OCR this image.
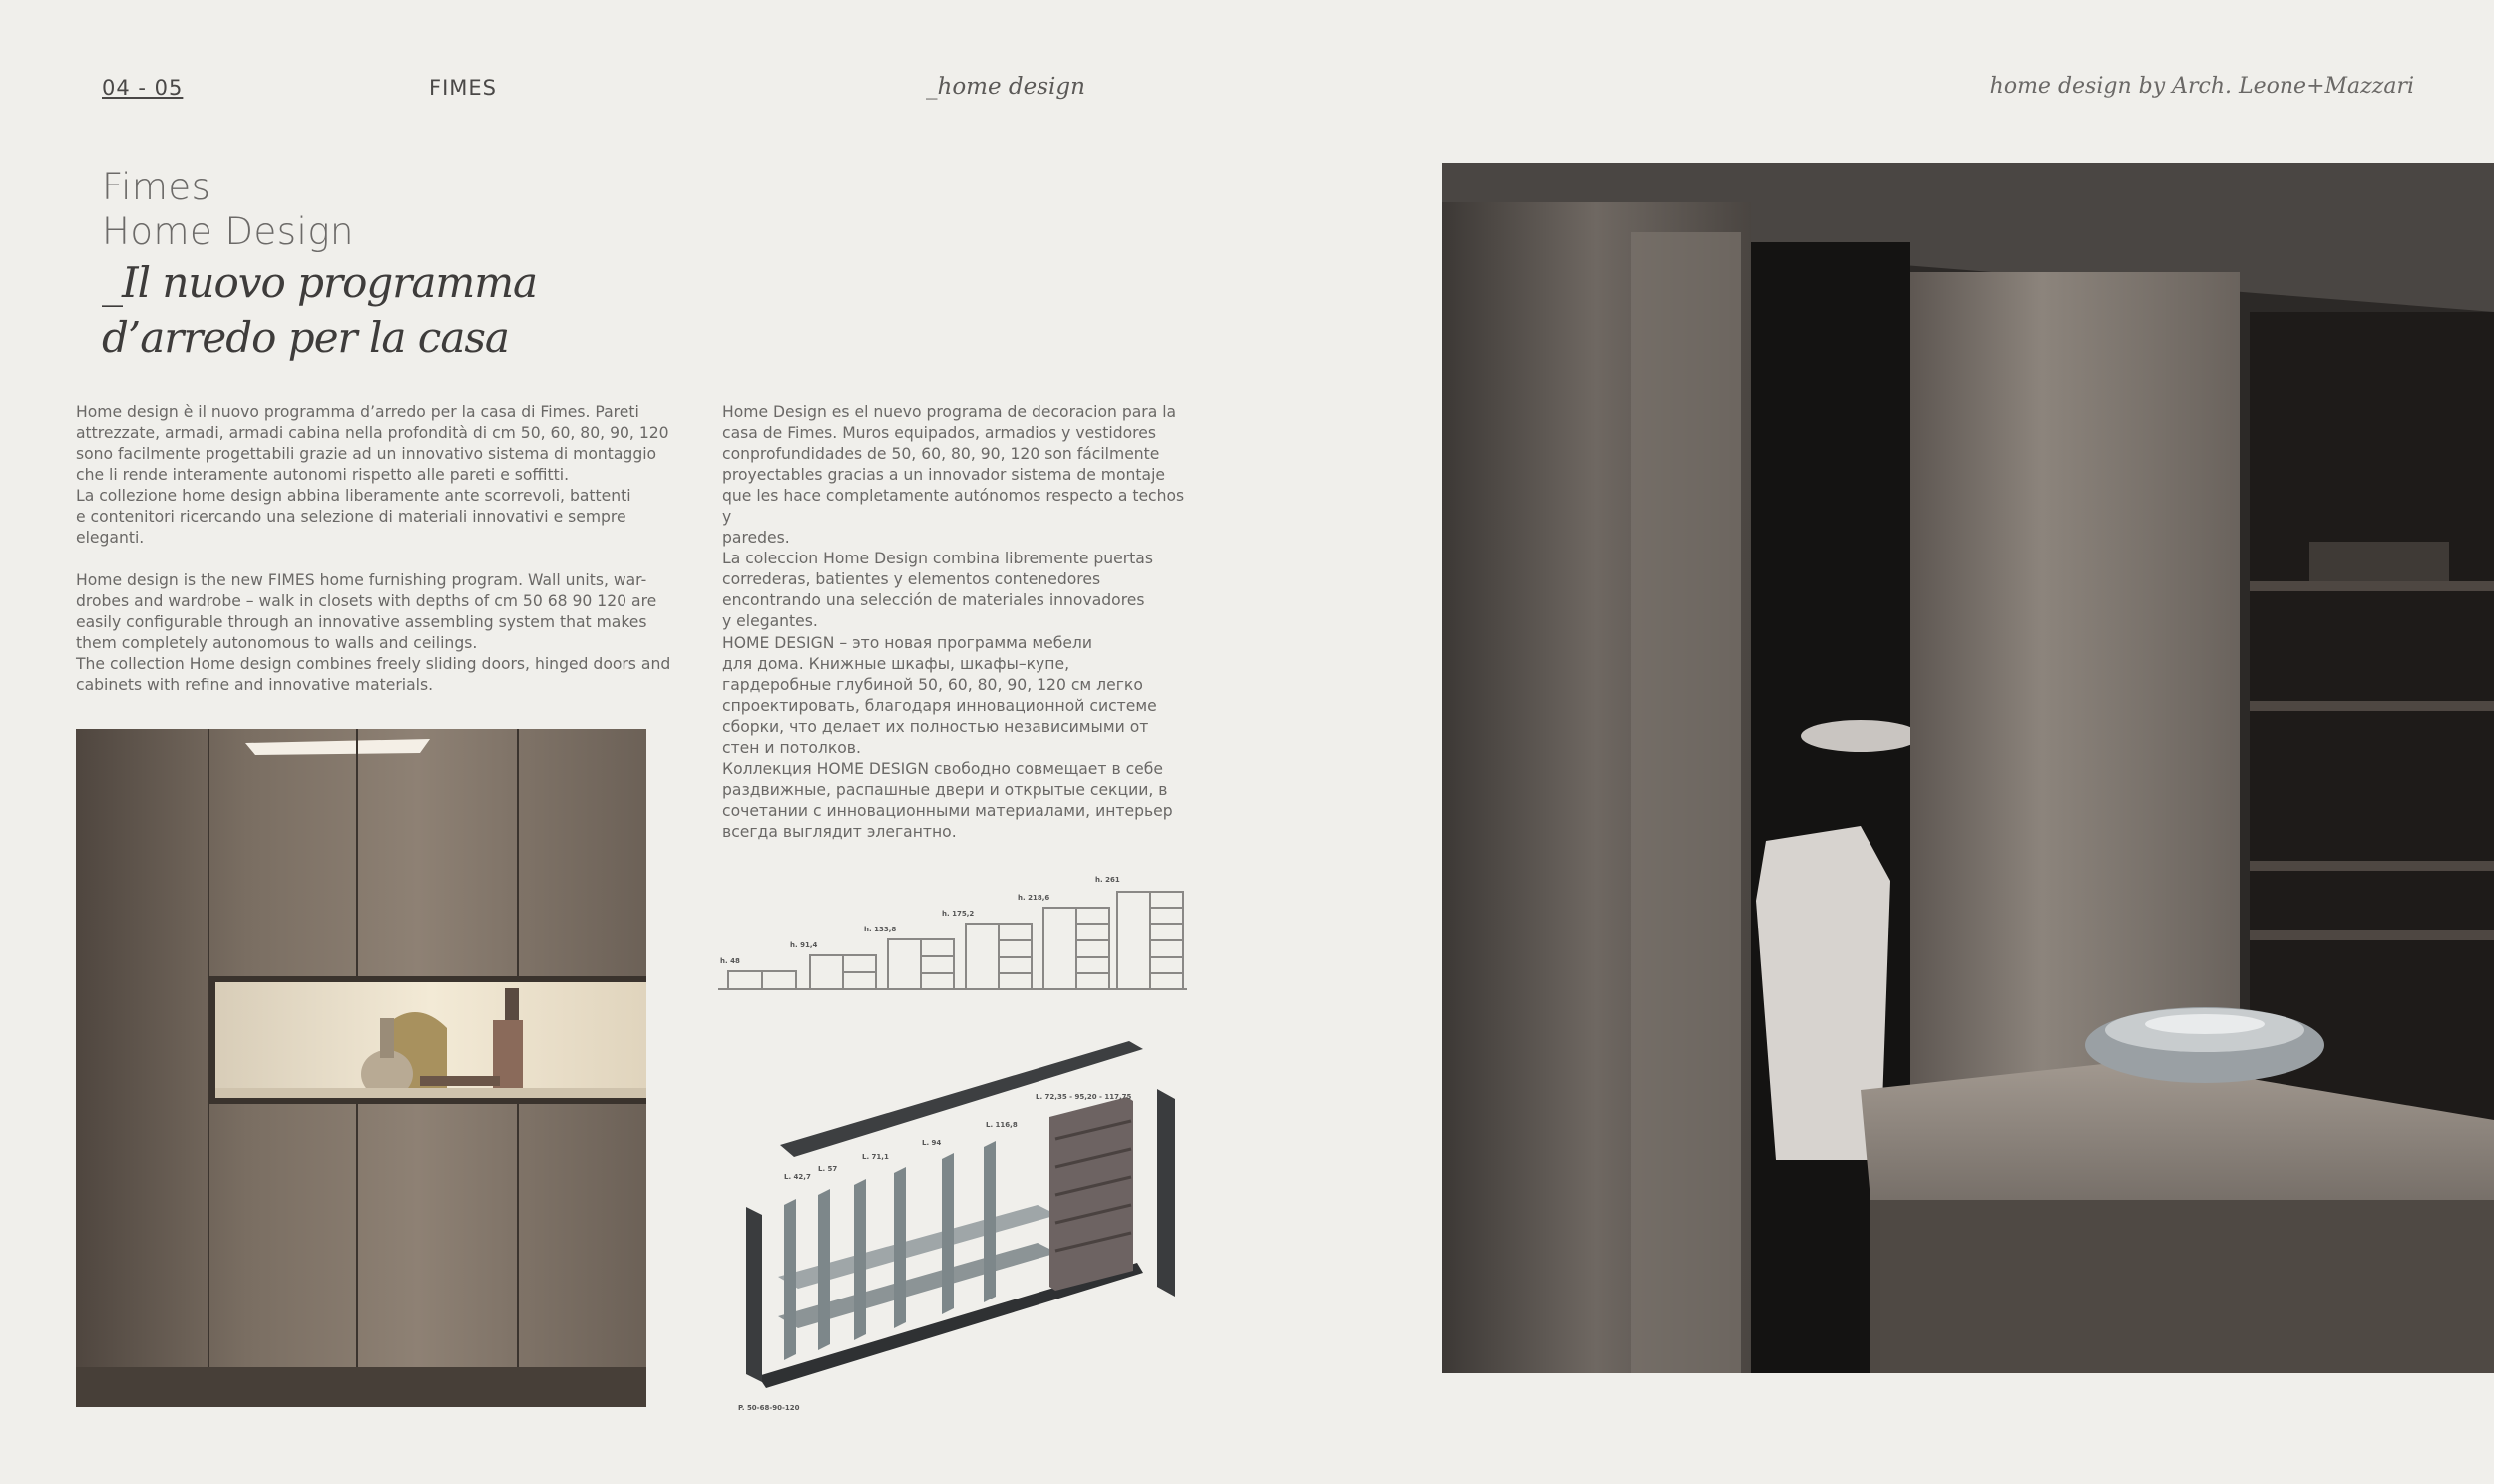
04 - 05	FIMES	_home design	home design by Arch. Leone+Mazzari
Fimes
Home Design
_Il nuovo programma
d’arredo per la casa
Home design è il nuovo programma d’arredo per la casa di Fimes. Pareti
attrezzate, armadi, armadi cabina nella profondità di cm 50, 60, 80, 90, 120
sono facilmente progettabili grazie ad un innovativo sistema di montaggio
che li rende interamente autonomi rispetto alle pareti e soffitti.
La collezione home design abbina liberamente ante scorrevoli, battenti
e contenitori ricercando una selezione di materiali innovativi e sempre
eleganti.
Home design is the new FIMES home furnishing program. Wall units, war-
drobes and wardrobe – walk in closets with depths of cm 50 68 90 120 are
easily configurable through an innovative assembling system that makes
them completely autonomous to walls and ceilings.
The collection Home design combines freely sliding doors, hinged doors and
cabinets with refine and innovative materials.
Home Design es el nuevo programa de decoracion para la
casa de Fimes. Muros equipados, armadios y vestidores
conprofundidades de 50, 60, 80, 90, 120 son fácilmente
proyectables gracias a un innovador sistema de montaje
que les hace completamente autónomos respecto a techos y
paredes.
La coleccion Home Design combina libremente puertas
correderas, batientes y elementos contenedores
encontrando una selección de materiales innovadores
y elegantes.
HOME DESIGN – это новая программа мебели
для дома. Книжные шкафы, шкафы–купе,
гардеробные глубиной 50, 60, 80, 90, 120 см легко
спроектировать, благодаря инновационной системе
сборки, что делает их полностью независимыми от
стен и потолков.
Коллекция HOME DESIGN свободно совмещает в себе
раздвижные, распашные двери и открытые секции, в
сочетании с инновационными материалами, интерьер
всегда выглядит элегантно.
h. 48
h. 91,4
h. 133,8
h. 175,2
h. 218,6
h. 261
L. 42,7
L. 57
L. 71,1
L. 94
L. 116,8
L. 72,35 - 95,20 - 117,75
P. 50-68-90-120
